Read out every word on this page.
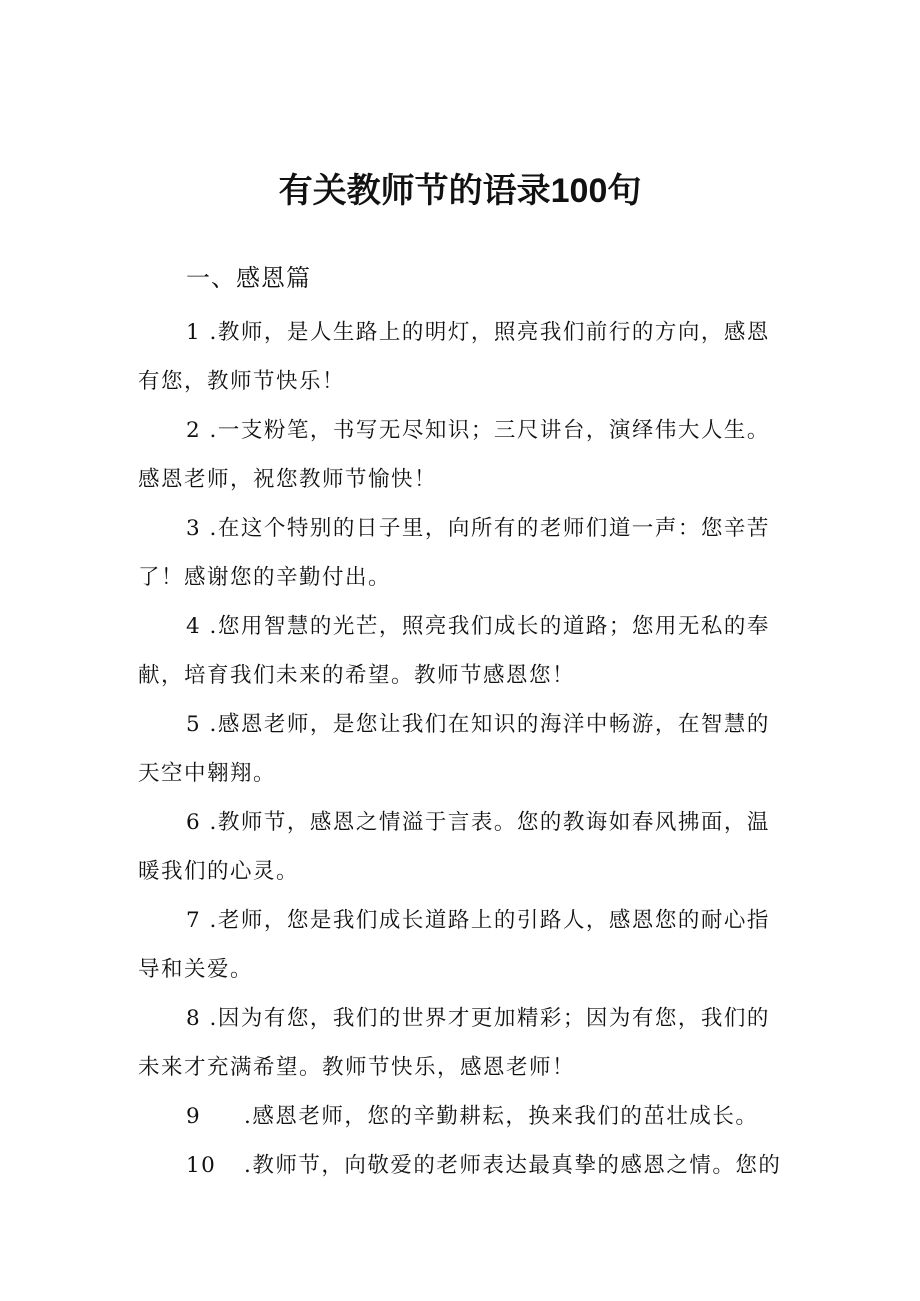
有关教师节的语录100句
一、感恩篇
1 .教师，是人生路上的明灯，照亮我们前行的方向，感恩
有您，教师节快乐！
2 .一支粉笔，书写无尽知识；三尺讲台，演绎伟大人生。
感恩老师，祝您教师节愉快！
3 .在这个特别的日子里，向所有的老师们道一声：您辛苦
了！感谢您的辛勤付出。
4 .您用智慧的光芒，照亮我们成长的道路；您用无私的奉
献，培育我们未来的希望。教师节感恩您！
5 .感恩老师，是您让我们在知识的海洋中畅游，在智慧的
天空中翱翔。
6 .教师节，感恩之情溢于言表。您的教诲如春风拂面，温
暖我们的心灵。
7 .老师，您是我们成长道路上的引路人，感恩您的耐心指
导和关爱。
8 .因为有您，我们的世界才更加精彩；因为有您，我们的
未来才充满希望。教师节快乐，感恩老师！
9 .感恩老师，您的辛勤耕耘，换来我们的茁壮成长。
10 .教师节，向敬爱的老师表达最真挚的感恩之情。您的
